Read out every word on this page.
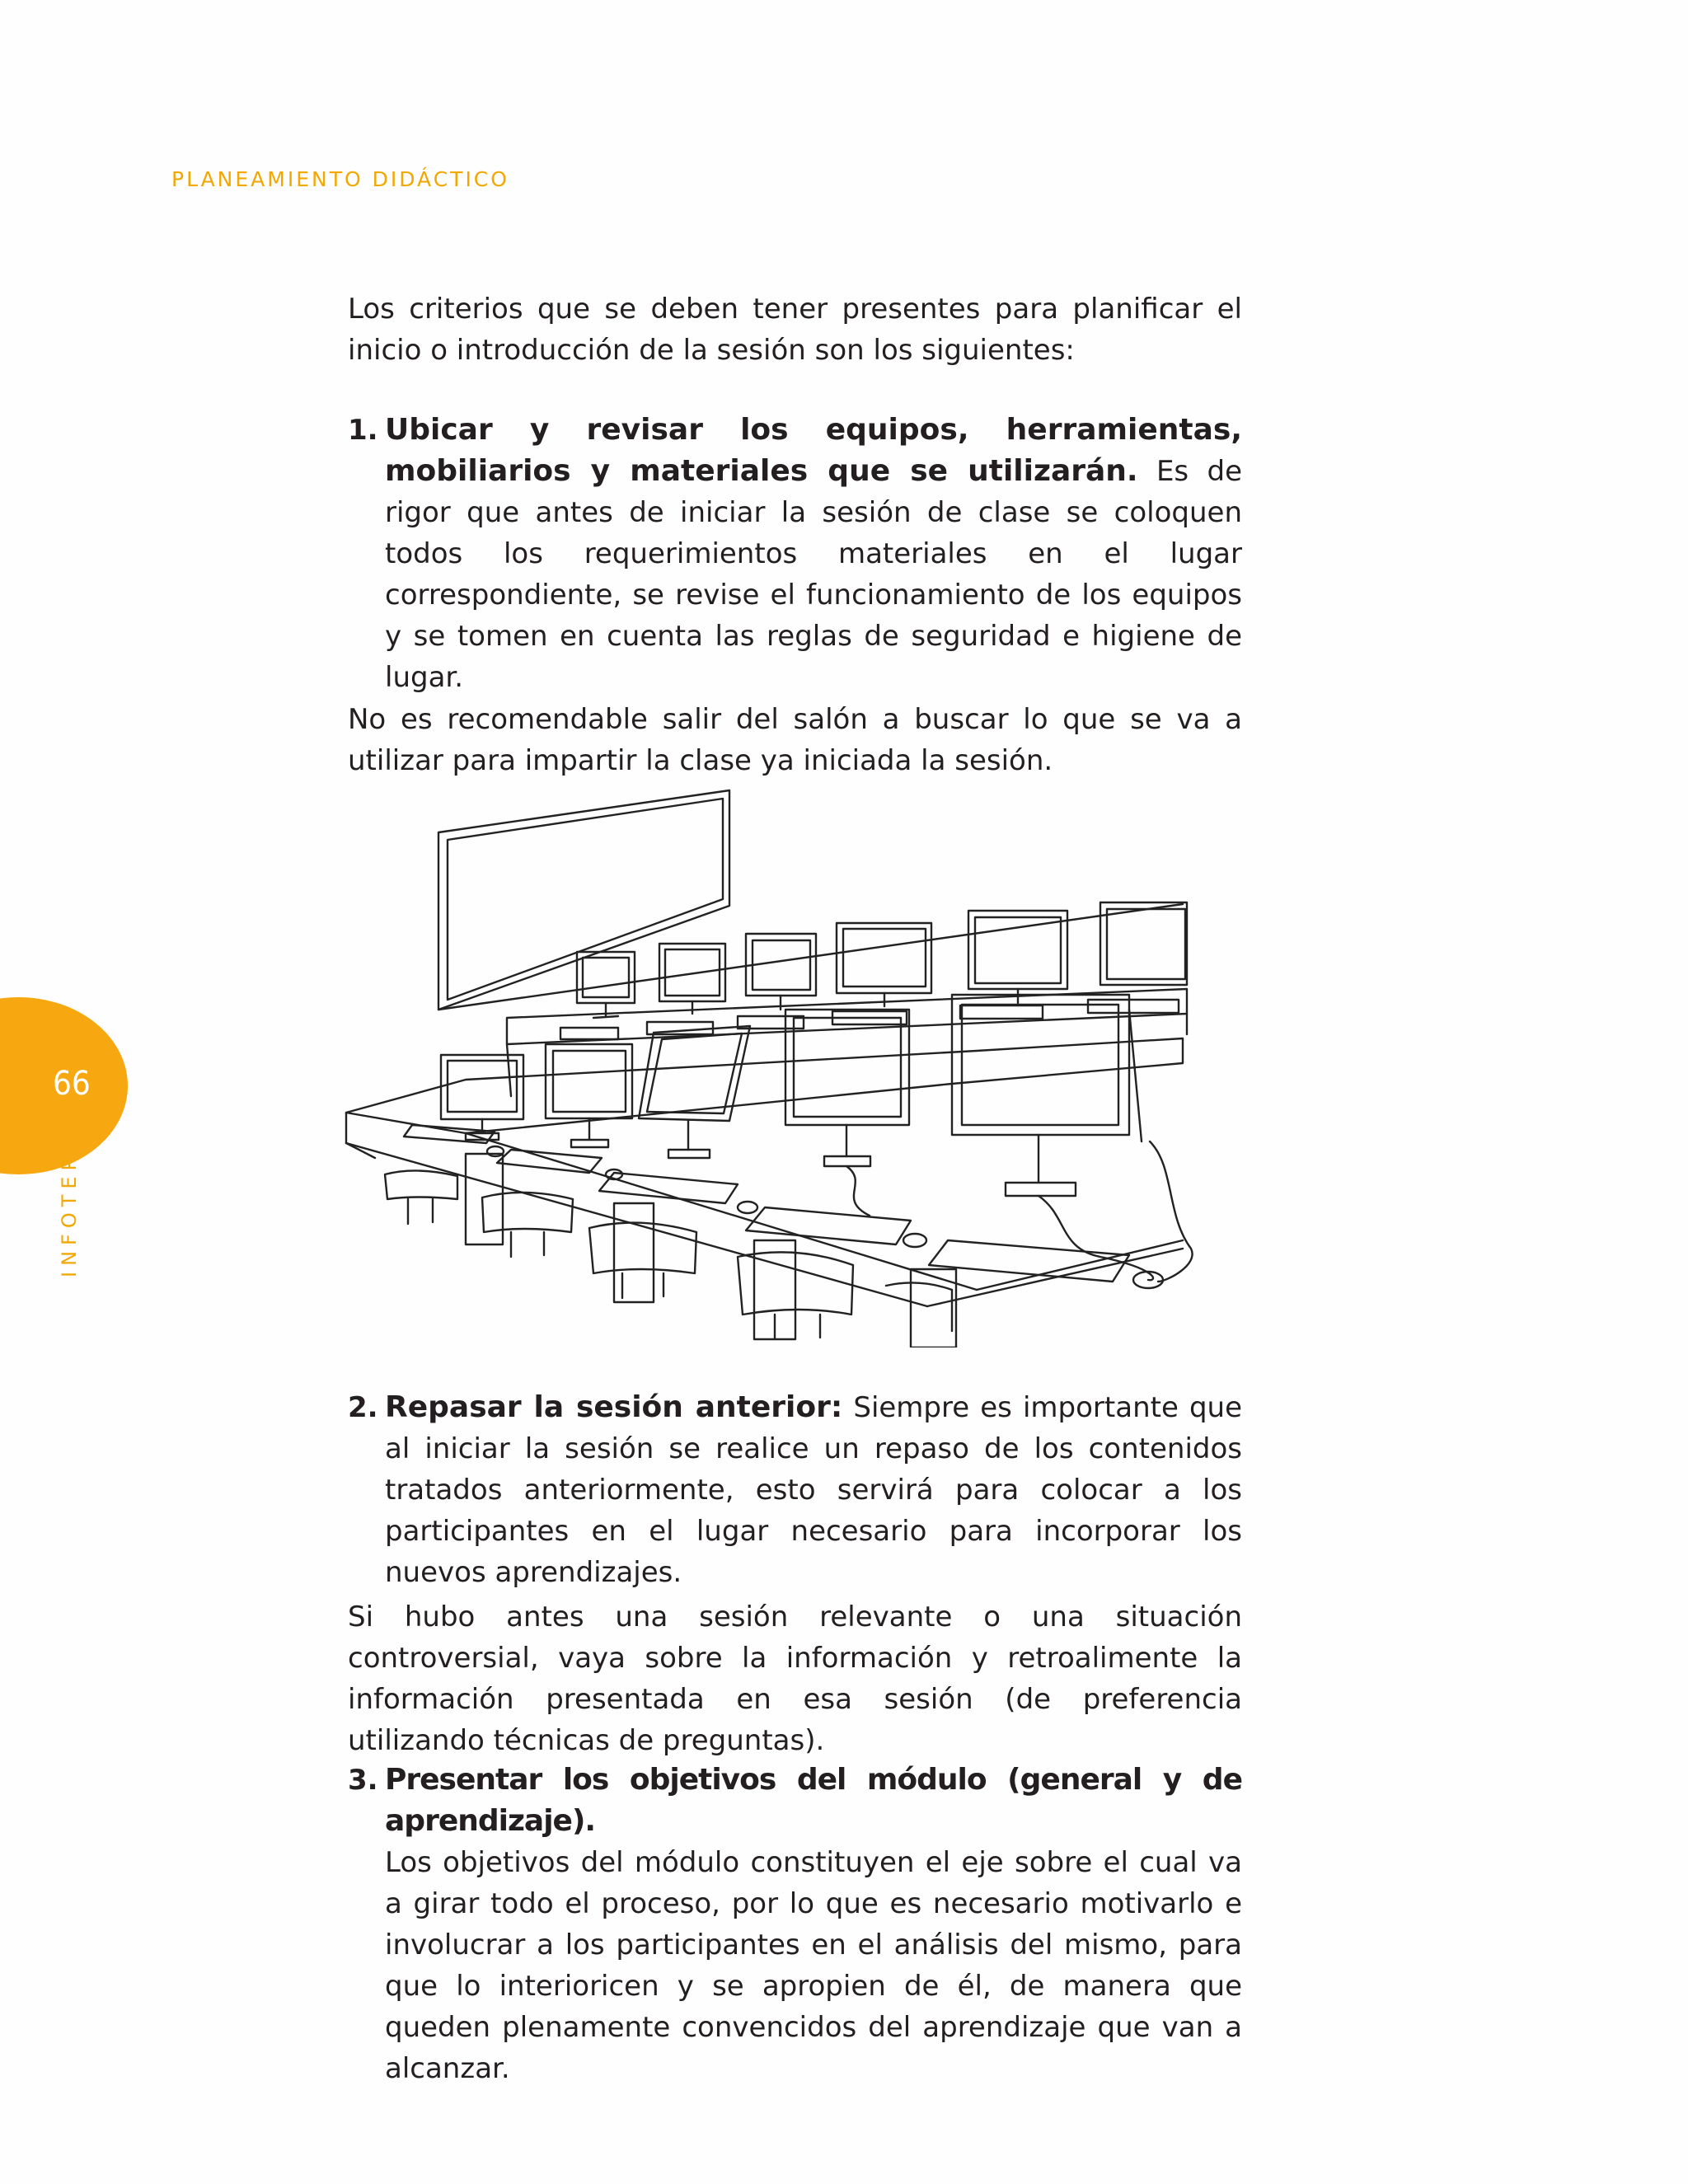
PLANEAMIENTO DIDÁCTICO
66
INFOTEP

Los criterios que se deben tener presentes para planificar el inicio o introducción de la sesión son los siguientes:

1. Ubicar y revisar los equipos, herramientas, mobiliarios y materiales que se utilizarán. Es de rigor que antes de iniciar la sesión de clase se coloquen todos los requerimientos materiales en el lugar correspondiente, se revise el funcionamiento de los equipos y se tomen en cuenta las reglas de seguridad e higiene de lugar.

No es recomendable salir del salón a buscar lo que se va a utilizar para impartir la clase ya iniciada la sesión.

2. Repasar la sesión anterior: Siempre es importante que al iniciar la sesión se realice un repaso de los contenidos tratados anteriormente, esto servirá para colocar a los participantes en el lugar necesario para incorporar los nuevos aprendizajes.

Si hubo antes una sesión relevante o una situación controversial, vaya sobre la información y retroalimente la información presentada en esa sesión (de preferencia utilizando técnicas de preguntas).

3. Presentar los objetivos del módulo (general y de aprendizaje).
Los objetivos del módulo constituyen el eje sobre el cual va a girar todo el proceso, por lo que es necesario motivarlo e involucrar a los participantes en el análisis del mismo, para que lo interioricen y se apropien de él, de manera que queden plenamente convencidos del aprendizaje que van a alcanzar.
